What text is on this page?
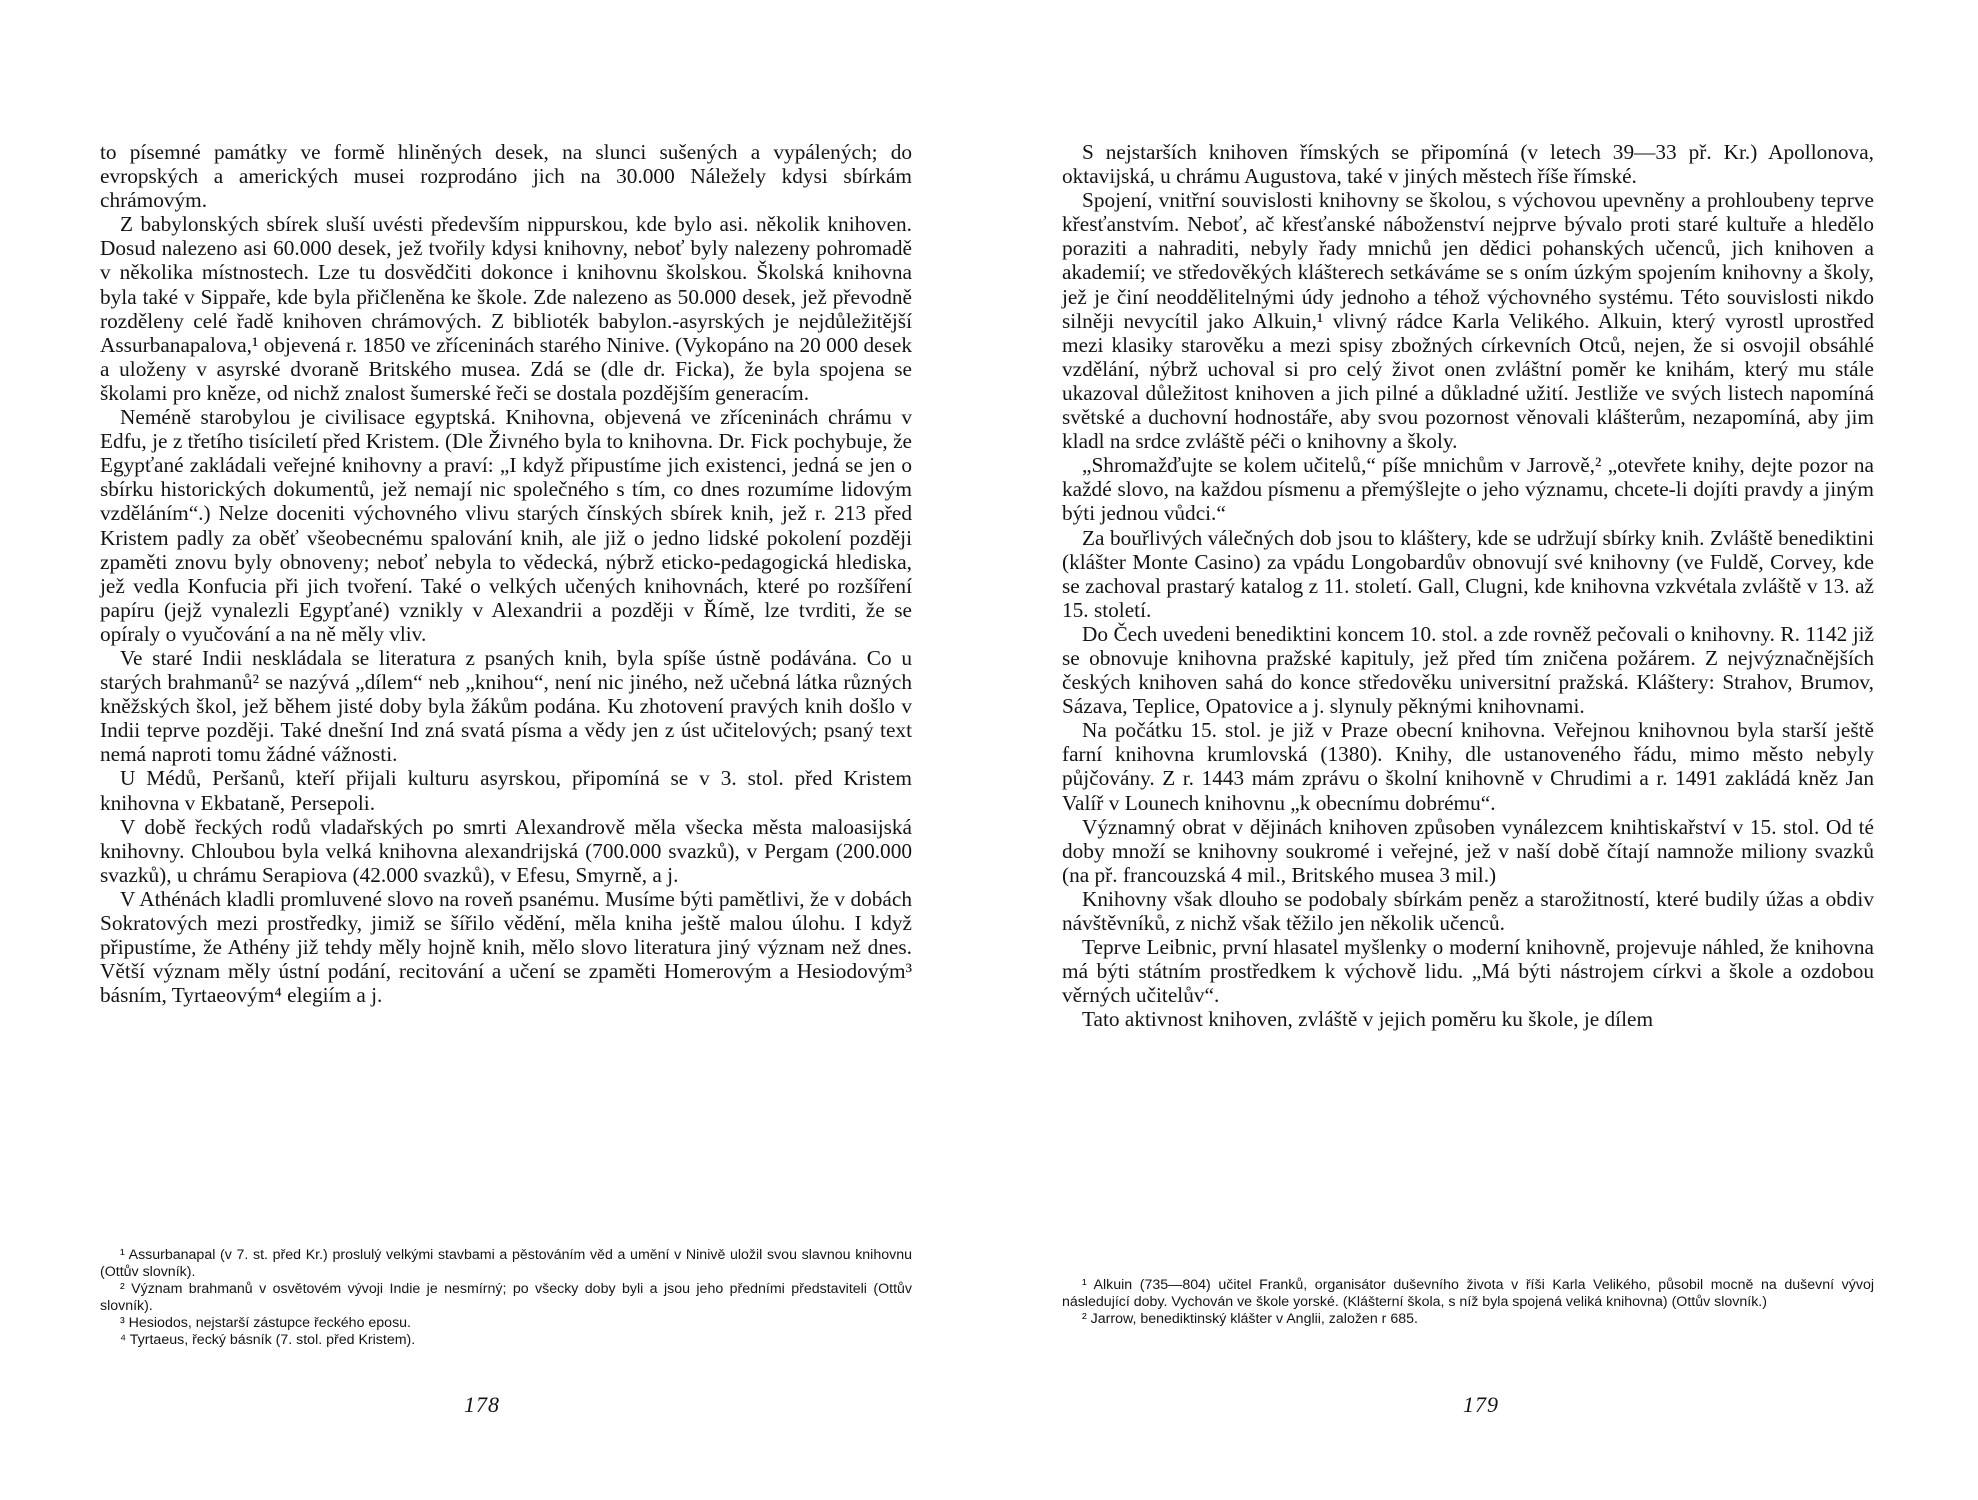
to písemné památky ve formě hliněných desek, na slunci sušených a vypálených; do evropských a amerických musei rozprodáno jich na 30.000 Náležely kdysi sbírkám chrámovým.

Z babylonských sbírek sluší uvésti především nippurskou, kde bylo asi. několik knihoven. Dosud nalezeno asi 60.000 desek, jež tvořily kdysi knihovny, neboť byly nalezeny pohromadě v několika místnostech. Lze tu dosvědčiti dokonce i knihovnu školskou. Školská knihovna byla také v Sippaře, kde byla přičleněna ke škole. Zde nalezeno as 50.000 desek, jež převodně rozděleny celé řadě knihoven chrámových. Z biblioték babylon.-asyrských je nejdůležitější Assurbanapalova,¹ objevená r. 1850 ve zříceninách starého Ninive. (Vykopáno na 20 000 desek a uloženy v asyrské dvoraně Britského musea. Zdá se (dle dr. Ficka), že byla spojena se školami pro kněze, od nichž znalost šumerské řeči se dostala pozdějším generacím.

Neméně starobylou je civilisace egyptská. Knihovna, objevená ve zříceninách chrámu v Edfu, je z třetího tisíciletí před Kristem. (Dle Živného byla to knihovna. Dr. Fick pochybuje, že Egypťané zakládali veřejné knihovny a praví: „I když připustíme jich existenci, jedná se jen o sbírku historických dokumentů, jež nemají nic společného s tím, co dnes rozumíme lidovým vzděláním“.) Nelze doceniti výchovného vlivu starých čínských sbírek knih, jež r. 213 před Kristem padly za oběť všeobecnému spalování knih, ale již o jedno lidské pokolení později zpaměti znovu byly obnoveny; neboť nebyla to vědecká, nýbrž eticko-pedagogická hlediska, jež vedla Konfucia při jich tvoření. Také o velkých učených knihovnách, které po rozšíření papíru (jejž vynalezli Egypťané) vznikly v Alexandrii a později v Římě, lze tvrditi, že se opíraly o vyučování a na ně měly vliv.

Ve staré Indii neskládala se literatura z psaných knih, byla spíše ústně podávána. Co u starých brahmanů² se nazývá „dílem“ neb „knihou“, není nic jiného, než učebná látka různých kněžských škol, jež během jisté doby byla žákům podána. Ku zhotovení pravých knih došlo v Indii teprve později. Také dnešní Ind zná svatá písma a vědy jen z úst učitelových; psaný text nemá naproti tomu žádné vážnosti.

U Médů, Peršanů, kteří přijali kulturu asyrskou, připomíná se v 3. stol. před Kristem knihovna v Ekbataně, Persepoli.

V době řeckých rodů vladařských po smrti Alexandrově měla všecka města maloasijská knihovny. Chloubou byla velká knihovna alexandrijská (700.000 svazků), v Pergam (200.000 svazků), u chrámu Serapiova (42.000 svazků), v Efesu, Smyrně, a j.

V Athénách kladli promluvené slovo na roveň psanému. Musíme býti pamětlivi, že v dobách Sokratových mezi prostředky, jimiž se šířilo vědění, měla kniha ještě malou úlohu. I když připustíme, že Athény již tehdy měly hojně knih, mělo slovo literatura jiný význam než dnes. Větší význam měly ústní podání, recitování a učení se zpaměti Homerovým a Hesiodovým³ básním, Tyrtaeovým⁴ elegiím a j.

¹ Assurbanapal (v 7. st. před Kr.) proslulý velkými stavbami a pěstováním věd a umění v Ninivě uložil svou slavnou knihovnu (Ottův slovník).

² Význam brahmanů v osvětovém vývoji Indie je nesmírný; po všecky doby byli a jsou jeho předními představiteli (Ottův slovník).

³ Hesiodos, nejstarší zástupce řeckého eposu.

⁴ Tyrtaeus, řecký básník (7. stol. před Kristem).

178

S nejstarších knihoven římských se připomíná (v letech 39—33 př. Kr.) Apollonova, oktavijská, u chrámu Augustova, také v jiných městech říše římské.

Spojení, vnitřní souvislosti knihovny se školou, s výchovou upevněny a prohloubeny teprve křesťanstvím. Neboť, ač křesťanské náboženství nejprve bývalo proti staré kultuře a hledělo poraziti a nahraditi, nebyly řady mnichů jen dědici pohanských učenců, jich knihoven a akademií; ve středověkých klášterech setkáváme se s oním úzkým spojením knihovny a školy, jež je činí neoddělitelnými údy jednoho a téhož výchovného systému. Této souvislosti nikdo silněji nevycítil jako Alkuin,¹ vlivný rádce Karla Velikého. Alkuin, který vyrostl uprostřed mezi klasiky starověku a mezi spisy zbožných církevních Otců, nejen, že si osvojil obsáhlé vzdělání, nýbrž uchoval si pro celý život onen zvláštní poměr ke knihám, který mu stále ukazoval důležitost knihoven a jich pilné a důkladné užití. Jestliže ve svých listech napomíná světské a duchovní hodnostáře, aby svou pozornost věnovali klášterům, nezapomíná, aby jim kladl na srdce zvláště péči o knihovny a školy.

„Shromažďujte se kolem učitelů,“ píše mnichům v Jarrově,² „otevřete knihy, dejte pozor na každé slovo, na každou písmenu a přemýšlejte o jeho významu, chcete-li dojíti pravdy a jiným býti jednou vůdci.“

Za bouřlivých válečných dob jsou to kláštery, kde se udržují sbírky knih. Zvláště benediktini (klášter Monte Casino) za vpádu Longobardův obnovují své knihovny (ve Fuldě, Corvey, kde se zachoval prastarý katalog z 11. století. Gall, Clugni, kde knihovna vzkvétala zvláště v 13. až 15. století.

Do Čech uvedeni benediktini koncem 10. stol. a zde rovněž pečovali o knihovny. R. 1142 již se obnovuje knihovna pražské kapituly, jež před tím zničena požárem. Z nejvýznačnějších českých knihoven sahá do konce středověku universitní pražská. Kláštery: Strahov, Brumov, Sázava, Teplice, Opatovice a j. slynuly pěknými knihovnami.

Na počátku 15. stol. je již v Praze obecní knihovna. Veřejnou knihovnou byla starší ještě farní knihovna krumlovská (1380). Knihy, dle ustanoveného řádu, mimo město nebyly půjčovány. Z r. 1443 mám zprávu o školní knihovně v Chrudimi a r. 1491 zakládá kněz Jan Valíř v Lounech knihovnu „k obecnímu dobrému“.

Významný obrat v dějinách knihoven způsoben vynálezcem knihtiskařství v 15. stol. Od té doby množí se knihovny soukromé i veřejné, jež v naší době čítají namnože miliony svazků (na př. francouzská 4 mil., Britského musea 3 mil.)

Knihovny však dlouho se podobaly sbírkám peněz a starožitností, které budily úžas a obdiv návštěvníků, z nichž však těžilo jen několik učenců.

Teprve Leibnic, první hlasatel myšlenky o moderní knihovně, projevuje náhled, že knihovna má býti státním prostředkem k výchově lidu. „Má býti nástrojem církvi a škole a ozdobou věrných učitelův“.

Tato aktivnost knihoven, zvláště v jejich poměru ku škole, je dílem

¹ Alkuin (735—804) učitel Franků, organisátor duševního života v říši Karla Velikého, působil mocně na duševní vývoj následující doby. Vychován ve škole yorské. (Klášterní škola, s níž byla spojená veliká knihovna) (Ottův slovník.)

² Jarrow, benediktinský klášter v Anglii, založen r 685.

179
